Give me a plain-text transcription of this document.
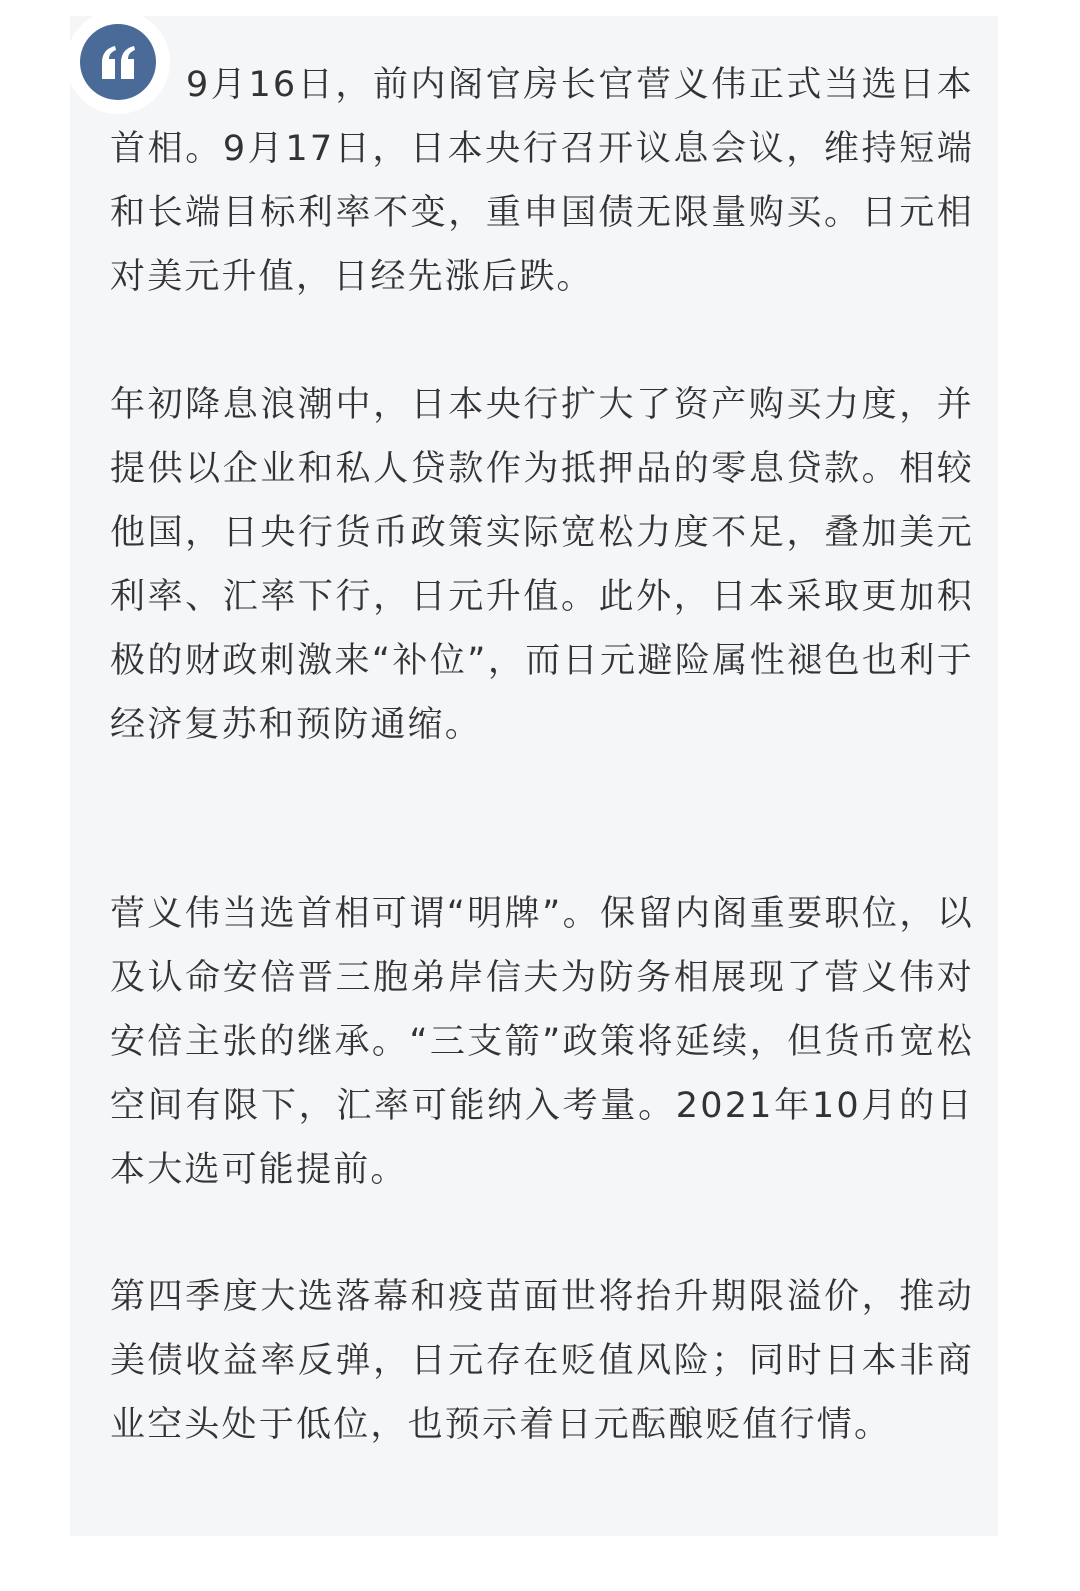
9月16日，前内阁官房长官菅义伟正式当选日本首相。9月17日，日本央行召开议息会议，维持短端和长端目标利率不变，重申国债无限量购买。日元相对美元升值，日经先涨后跌。

年初降息浪潮中，日本央行扩大了资产购买力度，并提供以企业和私人贷款作为抵押品的零息贷款。相较他国，日央行货币政策实际宽松力度不足，叠加美元利率、汇率下行，日元升值。此外，日本采取更加积极的财政刺激来“补位”，而日元避险属性褪色也利于经济复苏和预防通缩。

菅义伟当选首相可谓“明牌”。保留内阁重要职位，以及认命安倍晋三胞弟岸信夫为防务相展现了菅义伟对安倍主张的继承。“三支箭”政策将延续，但货币宽松空间有限下，汇率可能纳入考量。2021年10月的日本大选可能提前。

第四季度大选落幕和疫苗面世将抬升期限溢价，推动美债收益率反弹，日元存在贬值风险；同时日本非商业空头处于低位，也预示着日元酝酿贬值行情。
